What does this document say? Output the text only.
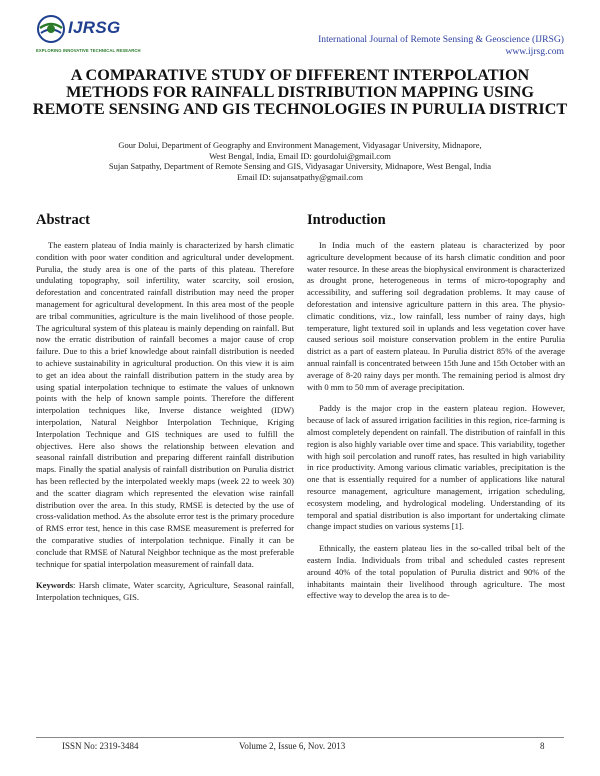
IJRSG
EXPLORING INNOVATIVE TECHNICAL RESEARCH
International Journal of Remote Sensing & Geoscience (IJRSG)
www.ijrsg.com
A COMPARATIVE STUDY OF DIFFERENT INTERPOLATION METHODS FOR RAINFALL DISTRIBUTION MAPPING USING REMOTE SENSING AND GIS TECHNOLOGIES IN PURULIA DISTRICT
Gour Dolui, Department of Geography and Environment Management, Vidyasagar University, Midnapore,
West Bengal, India, Email ID: gourdolui@gmail.com
Sujan Satpathy, Department of Remote Sensing and GIS, Vidyasagar University, Midnapore, West Bengal, India
Email ID: sujansatpathy@gmail.com
Abstract

The eastern plateau of India mainly is characterized by harsh climatic condition with poor water condition and agricultural under development. Purulia, the study area is one of the parts of this plateau. Therefore undulating topography, soil infertility, water scarcity, soil erosion, deforestation and concentrated rainfall distribution may need the proper management for agricultural development. In this area most of the people are tribal communities, agriculture is the main livelihood of those people. The agricultural system of this plateau is mainly depending on rainfall. But now the erratic distribution of rainfall becomes a major cause of crop failure. Due to this a brief knowledge about rainfall distribution is needed to achieve sustainability in agricultural production. On this view it is aim to get an idea about the rainfall distribution pattern in the study area by using spatial interpolation technique to estimate the values of unknown points with the help of known sample points. Therefore the different interpolation techniques like, Inverse distance weighted (IDW) interpolation, Natural Neighbor Interpolation Technique, Kriging Interpolation Technique and GIS techniques are used to fulfill the objectives. Here also shows the relationship between elevation and seasonal rainfall distribution and preparing different rainfall distribution maps. Finally the spatial analysis of rainfall distribution on Purulia district has been reflected by the interpolated weekly maps (week 22 to week 30) and the scatter diagram which represented the elevation wise rainfall distribution over the area. In this study, RMSE is detected by the use of cross-validation method. As the absolute error test is the primary procedure of RMS error test, hence in this case RMSE measurement is preferred for the comparative studies of interpolation technique. Finally it can be conclude that RMSE of Natural Neighbor technique as the most preferable technique for spatial interpolation measurement of rainfall data.

Keywords: Harsh climate, Water scarcity, Agriculture, Seasonal rainfall, Interpolation techniques, GIS.
Introduction

In India much of the eastern plateau is characterized by poor agriculture development because of its harsh climatic condition and poor water resource. In these areas the biophysical environment is characterized as drought prone, heterogeneous in terms of micro-topography and accessibility, and suffering soil degradation problems. It may cause of deforestation and intensive agriculture pattern in this area. The physio-climatic conditions, viz., low rainfall, less number of rainy days, high temperature, light textured soil in uplands and less vegetation cover have caused serious soil moisture conservation problem in the entire Purulia district as a part of eastern plateau. In Purulia district 85% of the average annual rainfall is concentrated between 15th June and 15th October with an average of 8-20 rainy days per month. The remaining period is almost dry with 0 mm to 50 mm of average precipitation.

Paddy is the major crop in the eastern plateau region. However, because of lack of assured irrigation facilities in this region, rice-farming is almost completely dependent on rainfall. The distribution of rainfall in this region is also highly variable over time and space. This variability, together with high soil percolation and runoff rates, has resulted in high variability in rice productivity. Among various climatic variables, precipitation is the one that is essentially required for a number of applications like natural resource management, agriculture management, irrigation scheduling, ecosystem modeling, and hydrological modeling. Understanding of its temporal and spatial distribution is also important for undertaking climate change impact studies on various systems [1].

Ethnically, the eastern plateau lies in the so-called tribal belt of the eastern India. Individuals from tribal and scheduled castes represent around 40% of the total population of Purulia district and 90% of the inhabitants maintain their livelihood through agriculture. The most effective way to develop the area is to de-

ISSN No: 2319-3484	Volume 2, Issue 6, Nov. 2013	8
